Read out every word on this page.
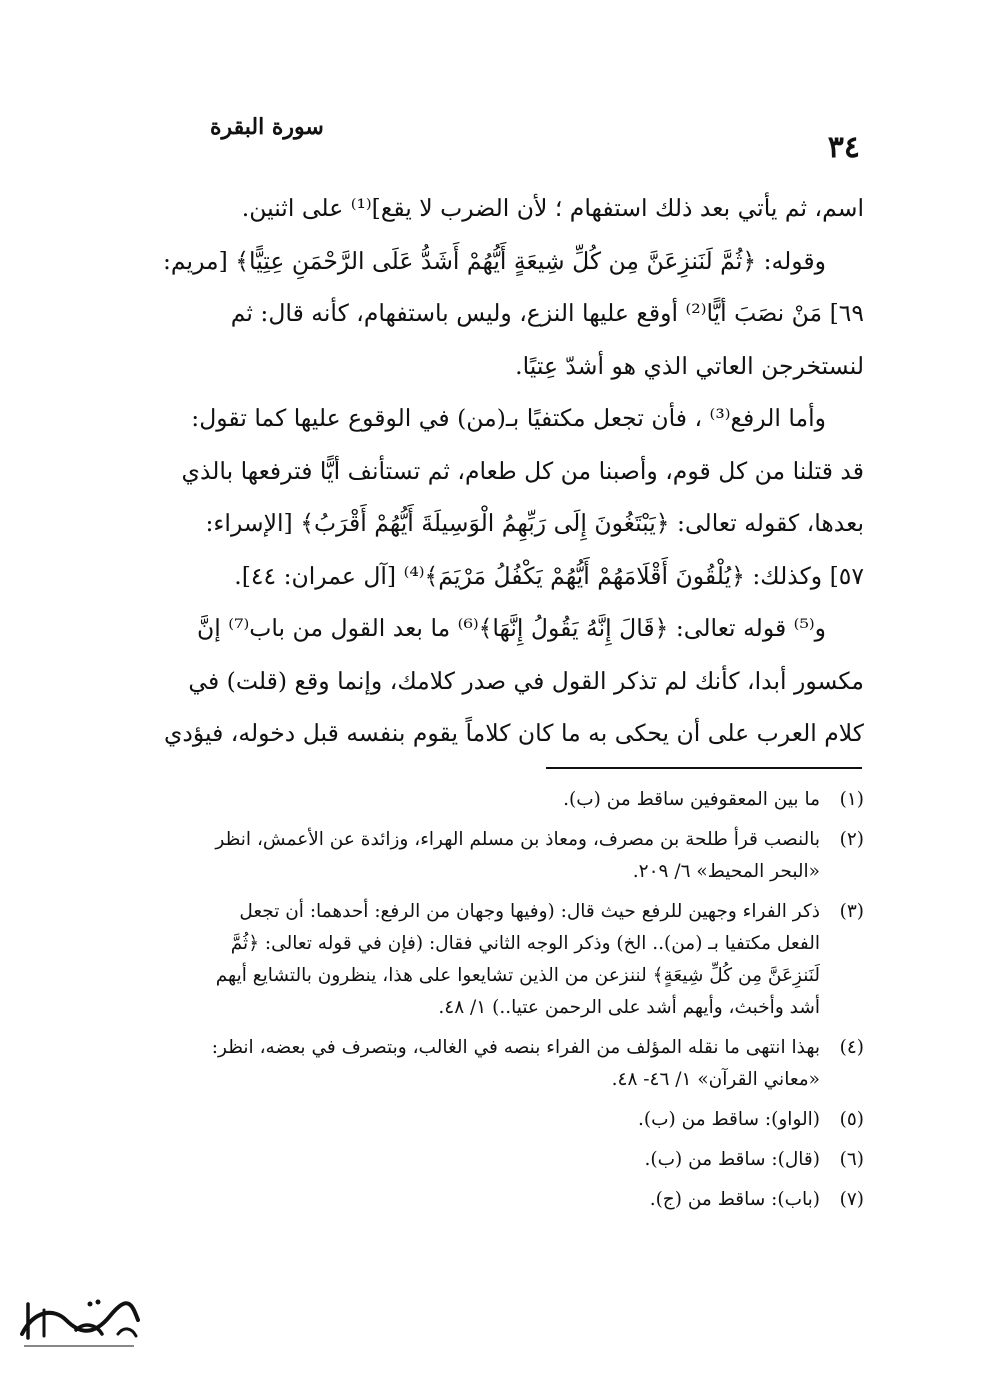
٣٤
سورة البقرة
اسم، ثم يأتي بعد ذلك استفهام ؛ لأن الضرب لا يقع]⁽¹⁾ على اثنين.
وقوله: ﴿ثُمَّ لَنَنزِعَنَّ مِن كُلِّ شِيعَةٍ أَيُّهُمْ أَشَدُّ عَلَى الرَّحْمَنِ عِتِيًّا﴾ [مريم:
٦٩] مَنْ نصَبَ أيًّا⁽²⁾ أوقع عليها النزع، وليس باستفهام، كأنه قال: ثم
لنستخرجن العاتي الذي هو أشدّ عِتيًا.
وأما الرفع⁽³⁾ ، فأن تجعل مكتفيًا بـ(من) في الوقوع عليها كما تقول:
قد قتلنا من كل قوم، وأصبنا من كل طعام، ثم تستأنف أيًّا فترفعها بالذي
بعدها، كقوله تعالى: ﴿يَبْتَغُونَ إِلَى رَبِّهِمُ الْوَسِيلَةَ أَيُّهُمْ أَقْرَبُ﴾ [الإسراء:
٥٧] وكذلك: ﴿يُلْقُونَ أَقْلَامَهُمْ أَيُّهُمْ يَكْفُلُ مَرْيَمَ﴾⁽⁴⁾ [آل عمران: ٤٤].
و⁽⁵⁾ قوله تعالى: ﴿قَالَ إِنَّهُ يَقُولُ إِنَّهَا﴾⁽⁶⁾ ما بعد القول من باب⁽⁷⁾ إنَّ
مكسور أبدا، كأنك لم تذكر القول في صدر كلامك، وإنما وقع (قلت) في
كلام العرب على أن يحكى به ما كان كلاماً يقوم بنفسه قبل دخوله، فيؤدي
(١)
ما بين المعقوفين ساقط من (ب).
(٢)
بالنصب قرأ طلحة بن مصرف، ومعاذ بن مسلم الهراء، وزائدة عن الأعمش، انظر
«البحر المحيط» ٦/ ٢٠٩.
(٣)
ذكر الفراء وجهين للرفع حيث قال: (وفيها وجهان من الرفع: أحدهما: أن تجعل
الفعل مكتفيا بـ (من).. الخ) وذكر الوجه الثاني فقال: (فإن في قوله تعالى: ﴿ثُمَّ
لَنَنزِعَنَّ مِن كُلِّ شِيعَةٍ﴾ لننزعن من الذين تشايعوا على هذا، ينظرون بالتشايع أيهم
أشد وأخبث، وأيهم أشد على الرحمن عتيا..) ١/ ٤٨.
(٤)
بهذا انتهى ما نقله المؤلف من الفراء بنصه في الغالب، وبتصرف في بعضه، انظر:
«معاني القرآن» ١/ ٤٦- ٤٨.
(٥)
(الواو): ساقط من (ب).
(٦)
(قال): ساقط من (ب).
(٧)
(باب): ساقط من (ج).
